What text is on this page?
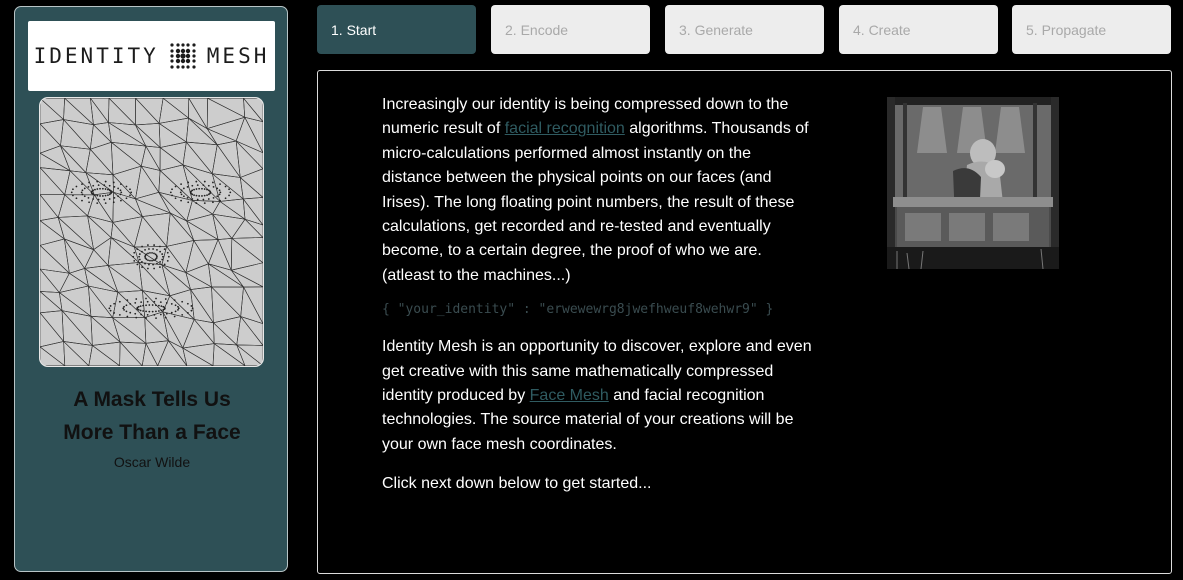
IDENTITY MESH
A Mask Tells Us
More Than a Face
Oscar Wilde
1. Start	2. Encode	3. Generate	4. Create	5. Propagate

Increasingly our identity is being compressed down to the numeric result of facial recognition algorithms. Thousands of micro-calculations performed almost instantly on the distance between the physical points on our faces (and Irises). The long floating point numbers, the result of these calculations, get recorded and re-tested and eventually become, to a certain degree, the proof of who we are. (atleast to the machines...)

{ "your_identity" : "erwewewrg8jwefhweuf8wehwr9" }

Identity Mesh is an opportunity to discover, explore and even get creative with this same mathematically compressed identity produced by Face Mesh and facial recognition technologies. The source material of your creations will be your own face mesh coordinates.

Click next down below to get started...
